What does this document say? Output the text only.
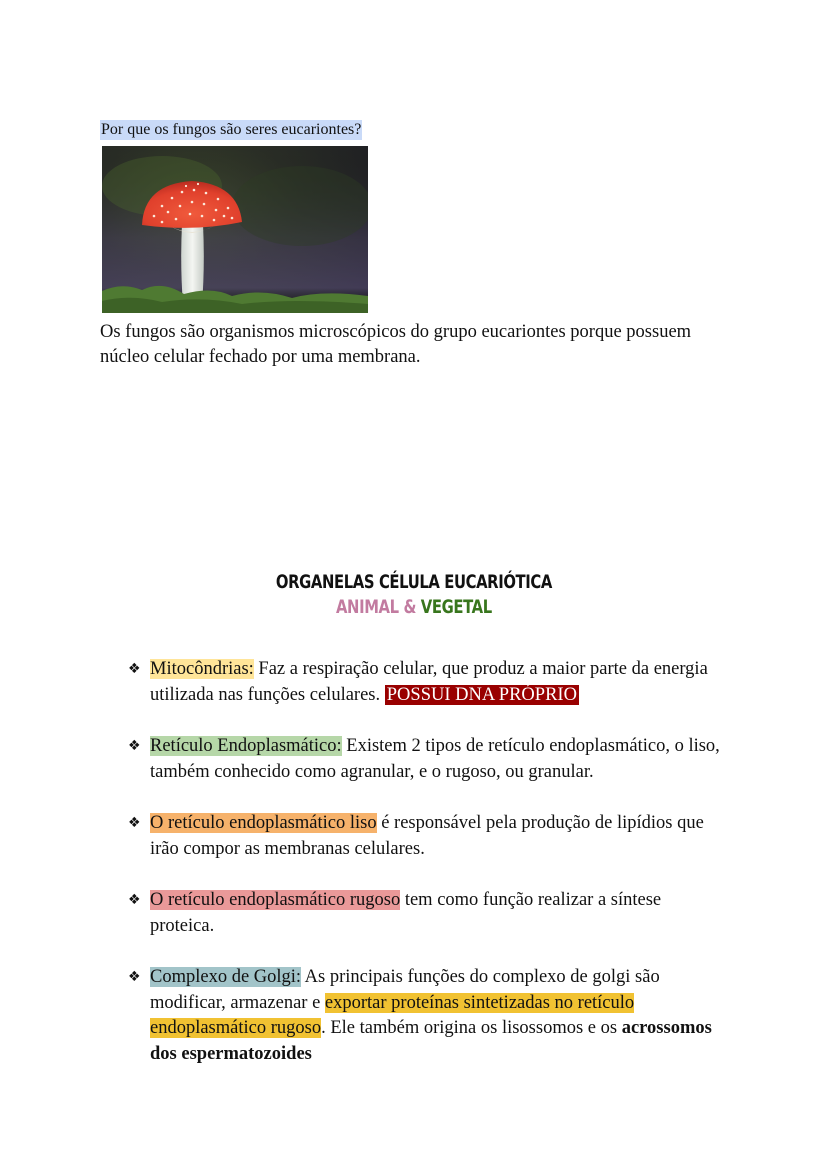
Por que os fungos são seres eucariontes?
Os fungos são organismos microscópicos do grupo eucariontes porque possuem núcleo celular fechado por uma membrana.
ORGANELAS CÉLULA EUCARIÓTICA
ANIMAL & VEGETAL
❖ Mitocôndrias: Faz a respiração celular, que produz a maior parte da energia utilizada nas funções celulares. POSSUI DNA PRÓPRIO
❖ Retículo Endoplasmático: Existem 2 tipos de retículo endoplasmático, o liso, também conhecido como agranular, e o rugoso, ou granular.
❖ O retículo endoplasmático liso é responsável pela produção de lipídios que irão compor as membranas celulares.
❖ O retículo endoplasmático rugoso tem como função realizar a síntese proteica.
❖ Complexo de Golgi: As principais funções do complexo de golgi são modificar, armazenar e exportar proteínas sintetizadas no retículo endoplasmático rugoso. Ele também origina os lisossomos e os acrossomos dos espermatozoides
